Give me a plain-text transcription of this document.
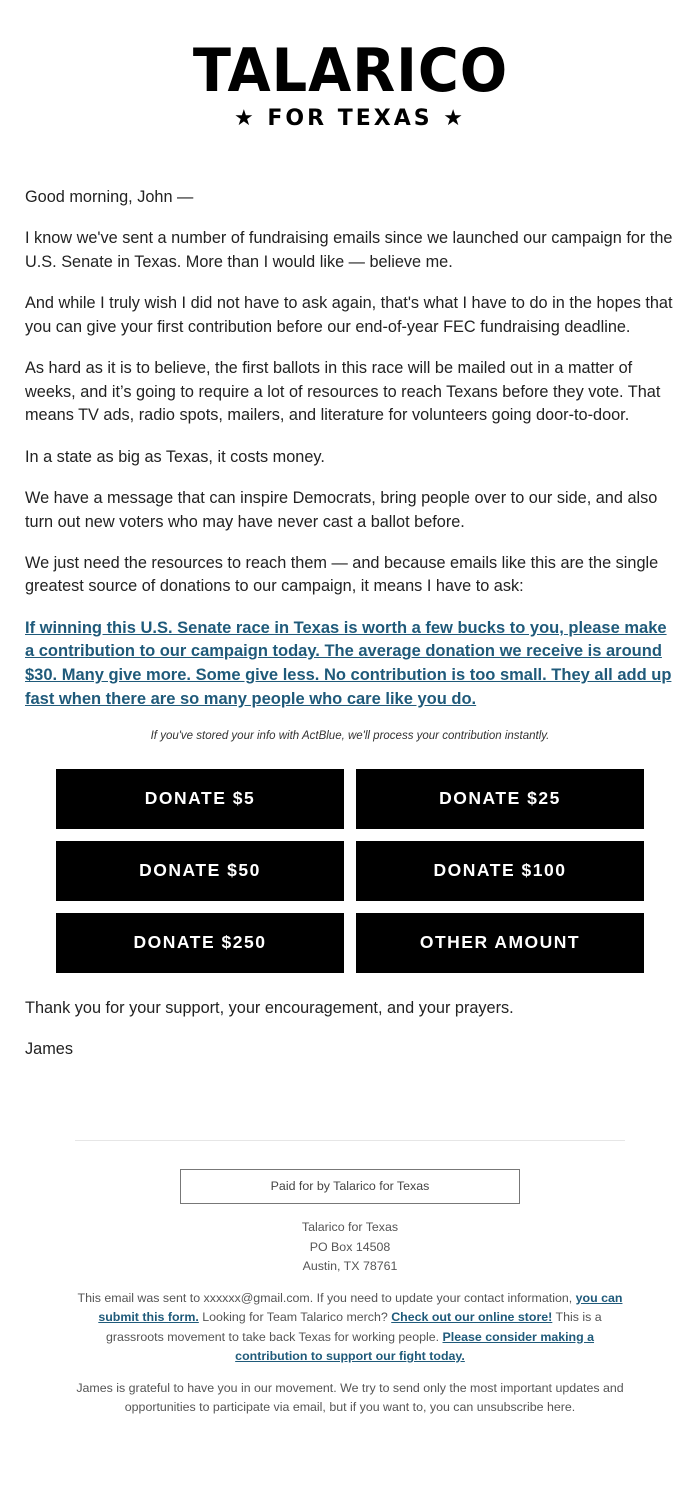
TALARICO
★ FOR TEXAS ★

Good morning, John —

I know we've sent a number of fundraising emails since we launched our campaign for the U.S. Senate in Texas. More than I would like — believe me.

And while I truly wish I did not have to ask again, that's what I have to do in the hopes that you can give your first contribution before our end-of-year FEC fundraising deadline.

As hard as it is to believe, the first ballots in this race will be mailed out in a matter of weeks, and it’s going to require a lot of resources to reach Texans before they vote. That means TV ads, radio spots, mailers, and literature for volunteers going door-to-door.

In a state as big as Texas, it costs money.

We have a message that can inspire Democrats, bring people over to our side, and also turn out new voters who may have never cast a ballot before.

We just need the resources to reach them — and because emails like this are the single greatest source of donations to our campaign, it means I have to ask:

If winning this U.S. Senate race in Texas is worth a few bucks to you, please make a contribution to our campaign today. The average donation we receive is around $30. Many give more. Some give less. No contribution is too small. They all add up fast when there are so many people who care like you do.

If you've stored your info with ActBlue, we'll process your contribution instantly.
DONATE $5	DONATE $25
DONATE $50	DONATE $100
DONATE $250	OTHER AMOUNT

Thank you for your support, your encouragement, and your prayers.

James

Paid for by Talarico for Texas

Talarico for Texas
PO Box 14508
Austin, TX 78761

This email was sent to xxxxxx@gmail.com. If you need to update your contact information, you can submit this form. Looking for Team Talarico merch? Check out our online store! This is a grassroots movement to take back Texas for working people. Please consider making a contribution to support our fight today.

James is grateful to have you in our movement. We try to send only the most important updates and opportunities to participate via email, but if you want to, you can unsubscribe here.
